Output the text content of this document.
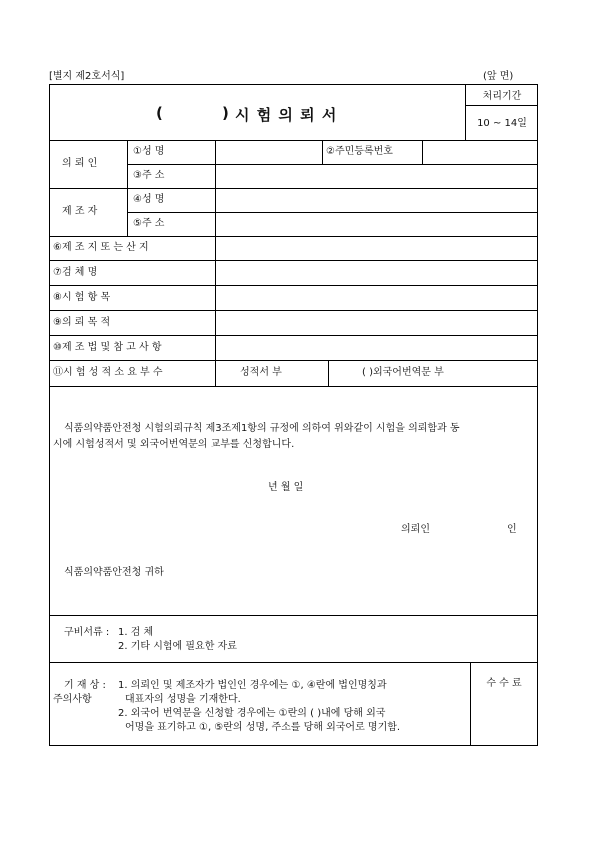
[별지 제2호서식]	(앞 면)
(	) 시 험 의 뢰 서
처리기간
10 ~ 14일
의 뢰 인
①성 명	②주민등록번호
③주 소
제 조 자
④성 명
⑤주 소
⑥제 조 지 또 는 산 지
⑦검 체 명
⑧시 험 항 목
⑨의 뢰 목 적
⑩제 조 법 및 참 고 사 항
⑪시 험 성 적 소 요 부 수	성적서 부	( )외국어번역문 부
식품의약품안전청 시험의뢰규칙 제3조제1항의 규정에 의하여 위와같이 시험을 의뢰함과 동
시에 시험성적서 및 외국어번역문의 교부를 신청합니다.
년 월 일
의뢰인	인
식품의약품안전청 귀하
구비서류 : 1. 검 체
2. 기타 시험에 필요한 자료
기 재 상 :
주의사항
1. 의뢰인 및 제조자가 법인인 경우에는 ①, ④란에 법인명칭과
대표자의 성명을 기재한다.
2. 외국어 번역문을 신청할 경우에는 ①란의 ( )내에 당해 외국
어명을 표기하고 ①, ⑤란의 성명, 주소를 당해 외국어로 명기함.
수 수 료
